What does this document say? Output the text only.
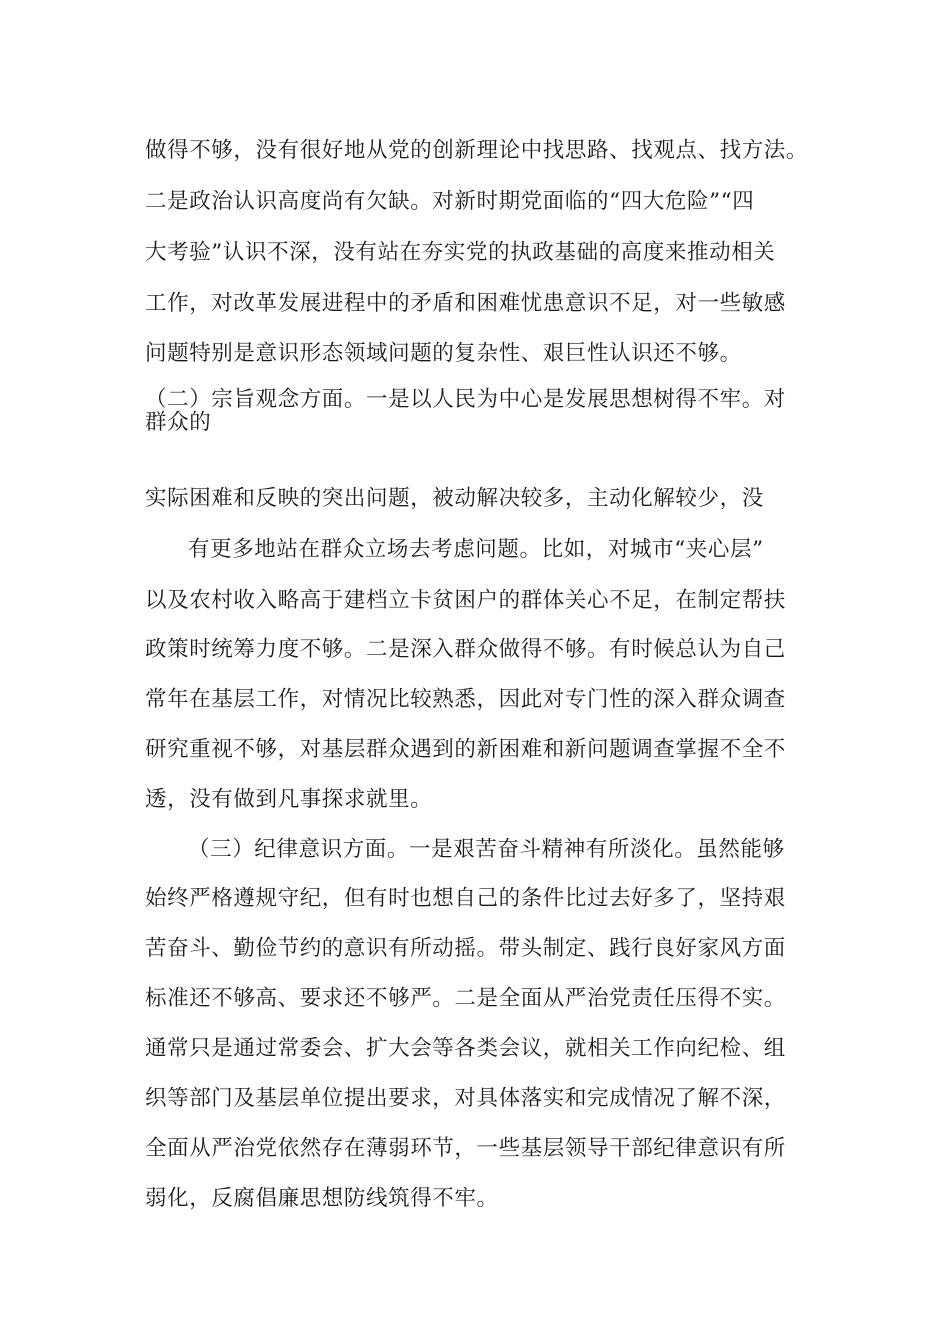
做得不够，没有很好地从党的创新理论中找思路、找观点、找方法。
二是政治认识高度尚有欠缺。对新时期党面临的“四大危险”“四
大考验”认识不深，没有站在夯实党的执政基础的高度来推动相关
工作，对改革发展进程中的矛盾和困难忧患意识不足，对一些敏感
问题特别是意识形态领域问题的复杂性、艰巨性认识还不够。
（二）宗旨观念方面。一是以人民为中心是发展思想树得不牢。对
群众的
实际困难和反映的突出问题，被动解决较多，主动化解较少，没
有更多地站在群众立场去考虑问题。比如，对城市“夹心层”
以及农村收入略高于建档立卡贫困户的群体关心不足，在制定帮扶
政策时统筹力度不够。二是深入群众做得不够。有时候总认为自己
常年在基层工作，对情况比较熟悉，因此对专门性的深入群众调查
研究重视不够，对基层群众遇到的新困难和新问题调查掌握不全不
透，没有做到凡事探求就里。
（三）纪律意识方面。一是艰苦奋斗精神有所淡化。虽然能够
始终严格遵规守纪，但有时也想自己的条件比过去好多了，坚持艰
苦奋斗、勤俭节约的意识有所动摇。带头制定、践行良好家风方面
标准还不够高、要求还不够严。二是全面从严治党责任压得不实。
通常只是通过常委会、扩大会等各类会议，就相关工作向纪检、组
织等部门及基层单位提出要求，对具体落实和完成情况了解不深，
全面从严治党依然存在薄弱环节，一些基层领导干部纪律意识有所
弱化，反腐倡廉思想防线筑得不牢。
